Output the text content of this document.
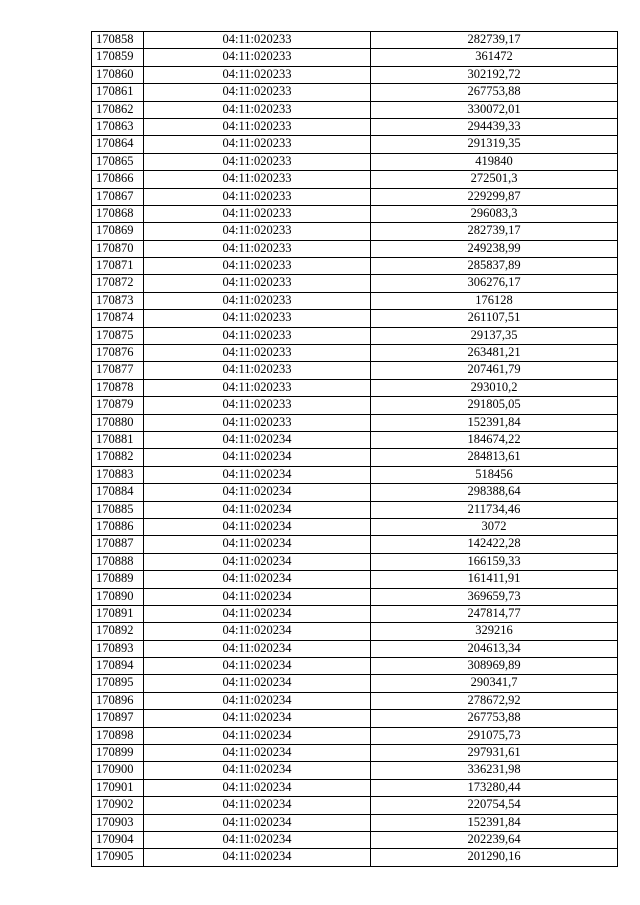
170858	04:11:020233	282739,17
170859	04:11:020233	361472
170860	04:11:020233	302192,72
170861	04:11:020233	267753,88
170862	04:11:020233	330072,01
170863	04:11:020233	294439,33
170864	04:11:020233	291319,35
170865	04:11:020233	419840
170866	04:11:020233	272501,3
170867	04:11:020233	229299,87
170868	04:11:020233	296083,3
170869	04:11:020233	282739,17
170870	04:11:020233	249238,99
170871	04:11:020233	285837,89
170872	04:11:020233	306276,17
170873	04:11:020233	176128
170874	04:11:020233	261107,51
170875	04:11:020233	29137,35
170876	04:11:020233	263481,21
170877	04:11:020233	207461,79
170878	04:11:020233	293010,2
170879	04:11:020233	291805,05
170880	04:11:020233	152391,84
170881	04:11:020234	184674,22
170882	04:11:020234	284813,61
170883	04:11:020234	518456
170884	04:11:020234	298388,64
170885	04:11:020234	211734,46
170886	04:11:020234	3072
170887	04:11:020234	142422,28
170888	04:11:020234	166159,33
170889	04:11:020234	161411,91
170890	04:11:020234	369659,73
170891	04:11:020234	247814,77
170892	04:11:020234	329216
170893	04:11:020234	204613,34
170894	04:11:020234	308969,89
170895	04:11:020234	290341,7
170896	04:11:020234	278672,92
170897	04:11:020234	267753,88
170898	04:11:020234	291075,73
170899	04:11:020234	297931,61
170900	04:11:020234	336231,98
170901	04:11:020234	173280,44
170902	04:11:020234	220754,54
170903	04:11:020234	152391,84
170904	04:11:020234	202239,64
170905	04:11:020234	201290,16
